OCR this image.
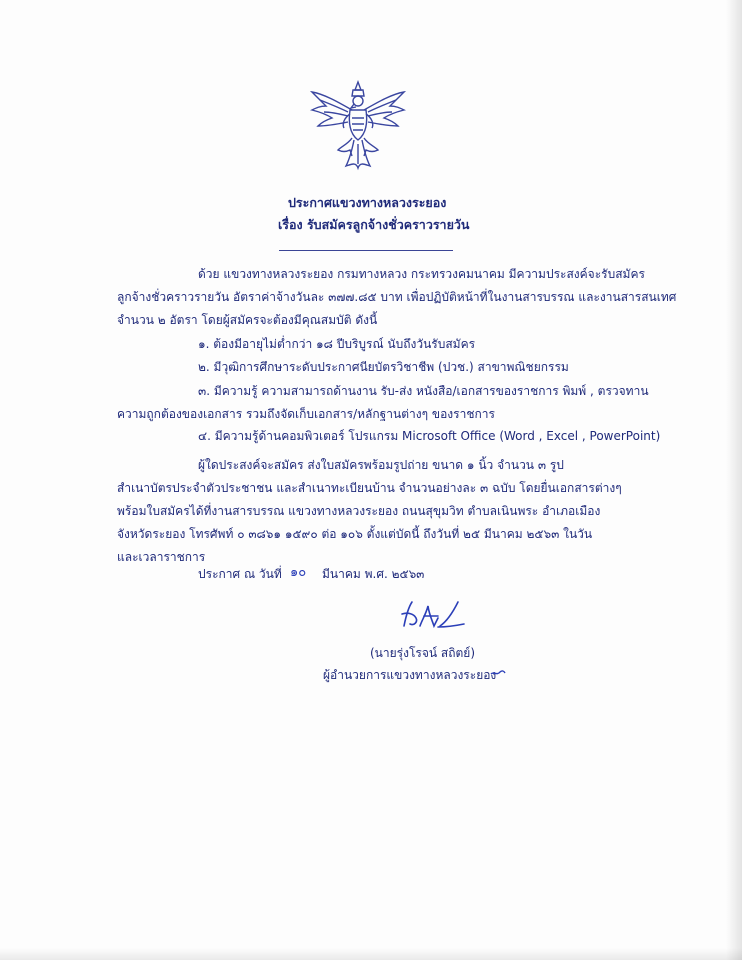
ประกาศแขวงทางหลวงระยอง
เรื่อง รับสมัครลูกจ้างชั่วคราวรายวัน
ด้วย แขวงทางหลวงระยอง กรมทางหลวง กระทรวงคมนาคม มีความประสงค์จะรับสมัคร
ลูกจ้างชั่วคราวรายวัน อัตราค่าจ้างวันละ ๓๗๗.๘๕ บาท เพื่อปฏิบัติหน้าที่ในงานสารบรรณ และงานสารสนเทศ
จำนวน ๒ อัตรา โดยผู้สมัครจะต้องมีคุณสมบัติ ดังนี้
๑. ต้องมีอายุไม่ต่ำกว่า ๑๘ ปีบริบูรณ์ นับถึงวันรับสมัคร
๒. มีวุฒิการศึกษาระดับประกาศนียบัตรวิชาชีพ (ปวช.) สาขาพณิชยกรรม
๓. มีความรู้ ความสามารถด้านงาน รับ-ส่ง หนังสือ/เอกสารของราชการ พิมพ์ , ตรวจทาน
ความถูกต้องของเอกสาร รวมถึงจัดเก็บเอกสาร/หลักฐานต่างๆ ของราชการ
๔. มีความรู้ด้านคอมพิวเตอร์ โปรแกรม Microsoft Office (Word , Excel , PowerPoint)
ผู้ใดประสงค์จะสมัคร ส่งใบสมัครพร้อมรูปถ่าย ขนาด ๑ นิ้ว จำนวน ๓ รูป
สำเนาบัตรประจำตัวประชาชน และสำเนาทะเบียนบ้าน จำนวนอย่างละ ๓ ฉบับ โดยยื่นเอกสารต่างๆ
พร้อมใบสมัครได้ที่งานสารบรรณ แขวงทางหลวงระยอง ถนนสุขุมวิท ตำบลเนินพระ อำเภอเมือง
จังหวัดระยอง โทรศัพท์ ๐ ๓๘๖๑ ๑๕๙๐ ต่อ ๑๐๖ ตั้งแต่บัดนี้ ถึงวันที่ ๒๕ มีนาคม ๒๕๖๓ ในวัน
และเวลาราชการ
ประกาศ ณ วันที่ ๑๐ มีนาคม พ.ศ. ๒๕๖๓
(นายรุ่งโรจน์ สถิตย์)
ผู้อำนวยการแขวงทางหลวงระยอง
